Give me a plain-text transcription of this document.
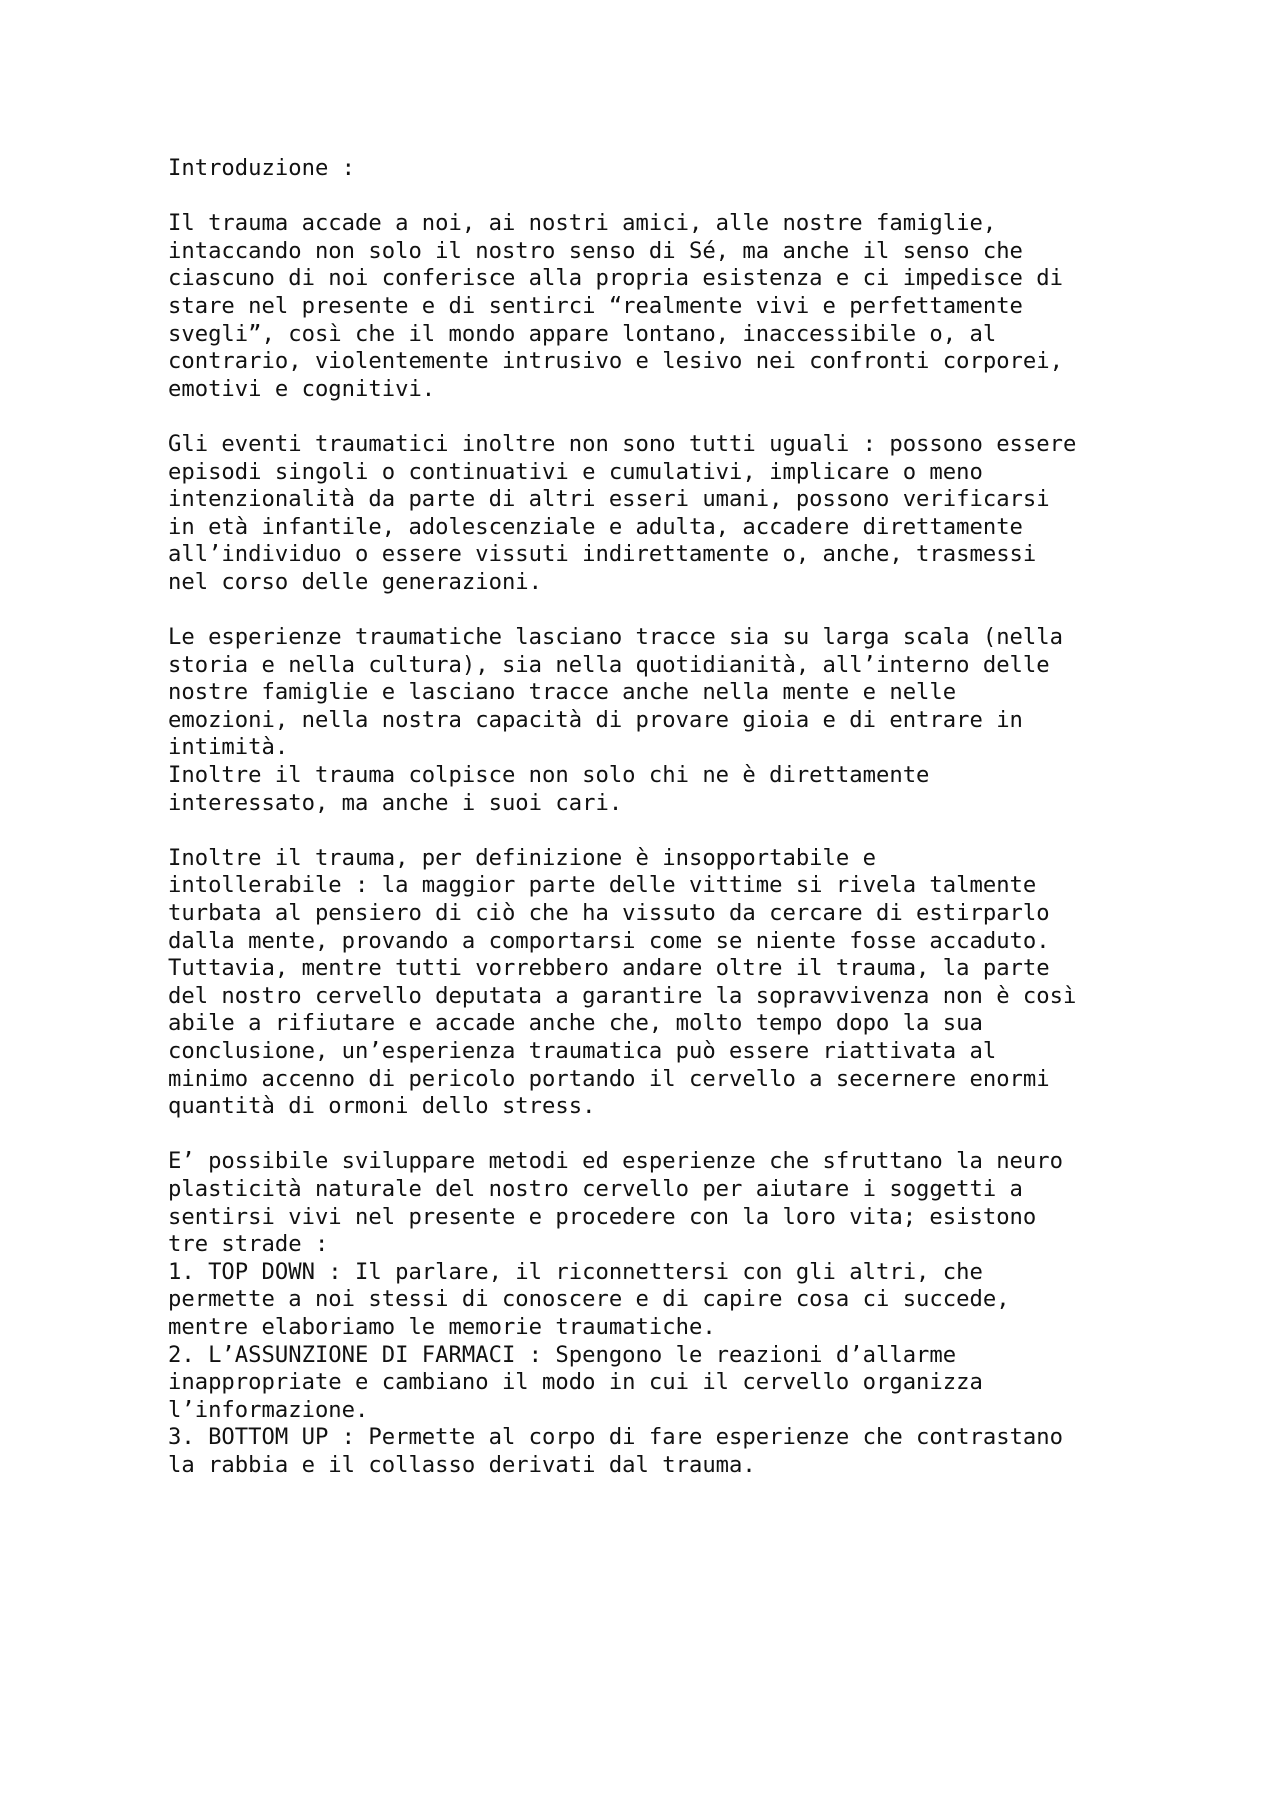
Introduzione :
Il trauma accade a noi, ai nostri amici, alle nostre famiglie,
intaccando non solo il nostro senso di Sé, ma anche il senso che
ciascuno di noi conferisce alla propria esistenza e ci impedisce di
stare nel presente e di sentirci “realmente vivi e perfettamente
svegli”, così che il mondo appare lontano, inaccessibile o, al
contrario, violentemente intrusivo e lesivo nei confronti corporei,
emotivi e cognitivi.
Gli eventi traumatici inoltre non sono tutti uguali : possono essere
episodi singoli o continuativi e cumulativi, implicare o meno
intenzionalità da parte di altri esseri umani, possono verificarsi
in età infantile, adolescenziale e adulta, accadere direttamente
all’individuo o essere vissuti indirettamente o, anche, trasmessi
nel corso delle generazioni.
Le esperienze traumatiche lasciano tracce sia su larga scala (nella
storia e nella cultura), sia nella quotidianità, all’interno delle
nostre famiglie e lasciano tracce anche nella mente e nelle
emozioni, nella nostra capacità di provare gioia e di entrare in
intimità.
Inoltre il trauma colpisce non solo chi ne è direttamente
interessato, ma anche i suoi cari.
Inoltre il trauma, per definizione è insopportabile e
intollerabile : la maggior parte delle vittime si rivela talmente
turbata al pensiero di ciò che ha vissuto da cercare di estirparlo
dalla mente, provando a comportarsi come se niente fosse accaduto.
Tuttavia, mentre tutti vorrebbero andare oltre il trauma, la parte
del nostro cervello deputata a garantire la sopravvivenza non è così
abile a rifiutare e accade anche che, molto tempo dopo la sua
conclusione, un’esperienza traumatica può essere riattivata al
minimo accenno di pericolo portando il cervello a secernere enormi
quantità di ormoni dello stress.
E’ possibile sviluppare metodi ed esperienze che sfruttano la neuro
plasticità naturale del nostro cervello per aiutare i soggetti a
sentirsi vivi nel presente e procedere con la loro vita; esistono
tre strade :
1. TOP DOWN : Il parlare, il riconnettersi con gli altri, che
permette a noi stessi di conoscere e di capire cosa ci succede,
mentre elaboriamo le memorie traumatiche.
2. L’ASSUNZIONE DI FARMACI : Spengono le reazioni d’allarme
inappropriate e cambiano il modo in cui il cervello organizza
l’informazione.
3. BOTTOM UP : Permette al corpo di fare esperienze che contrastano
la rabbia e il collasso derivati dal trauma.
